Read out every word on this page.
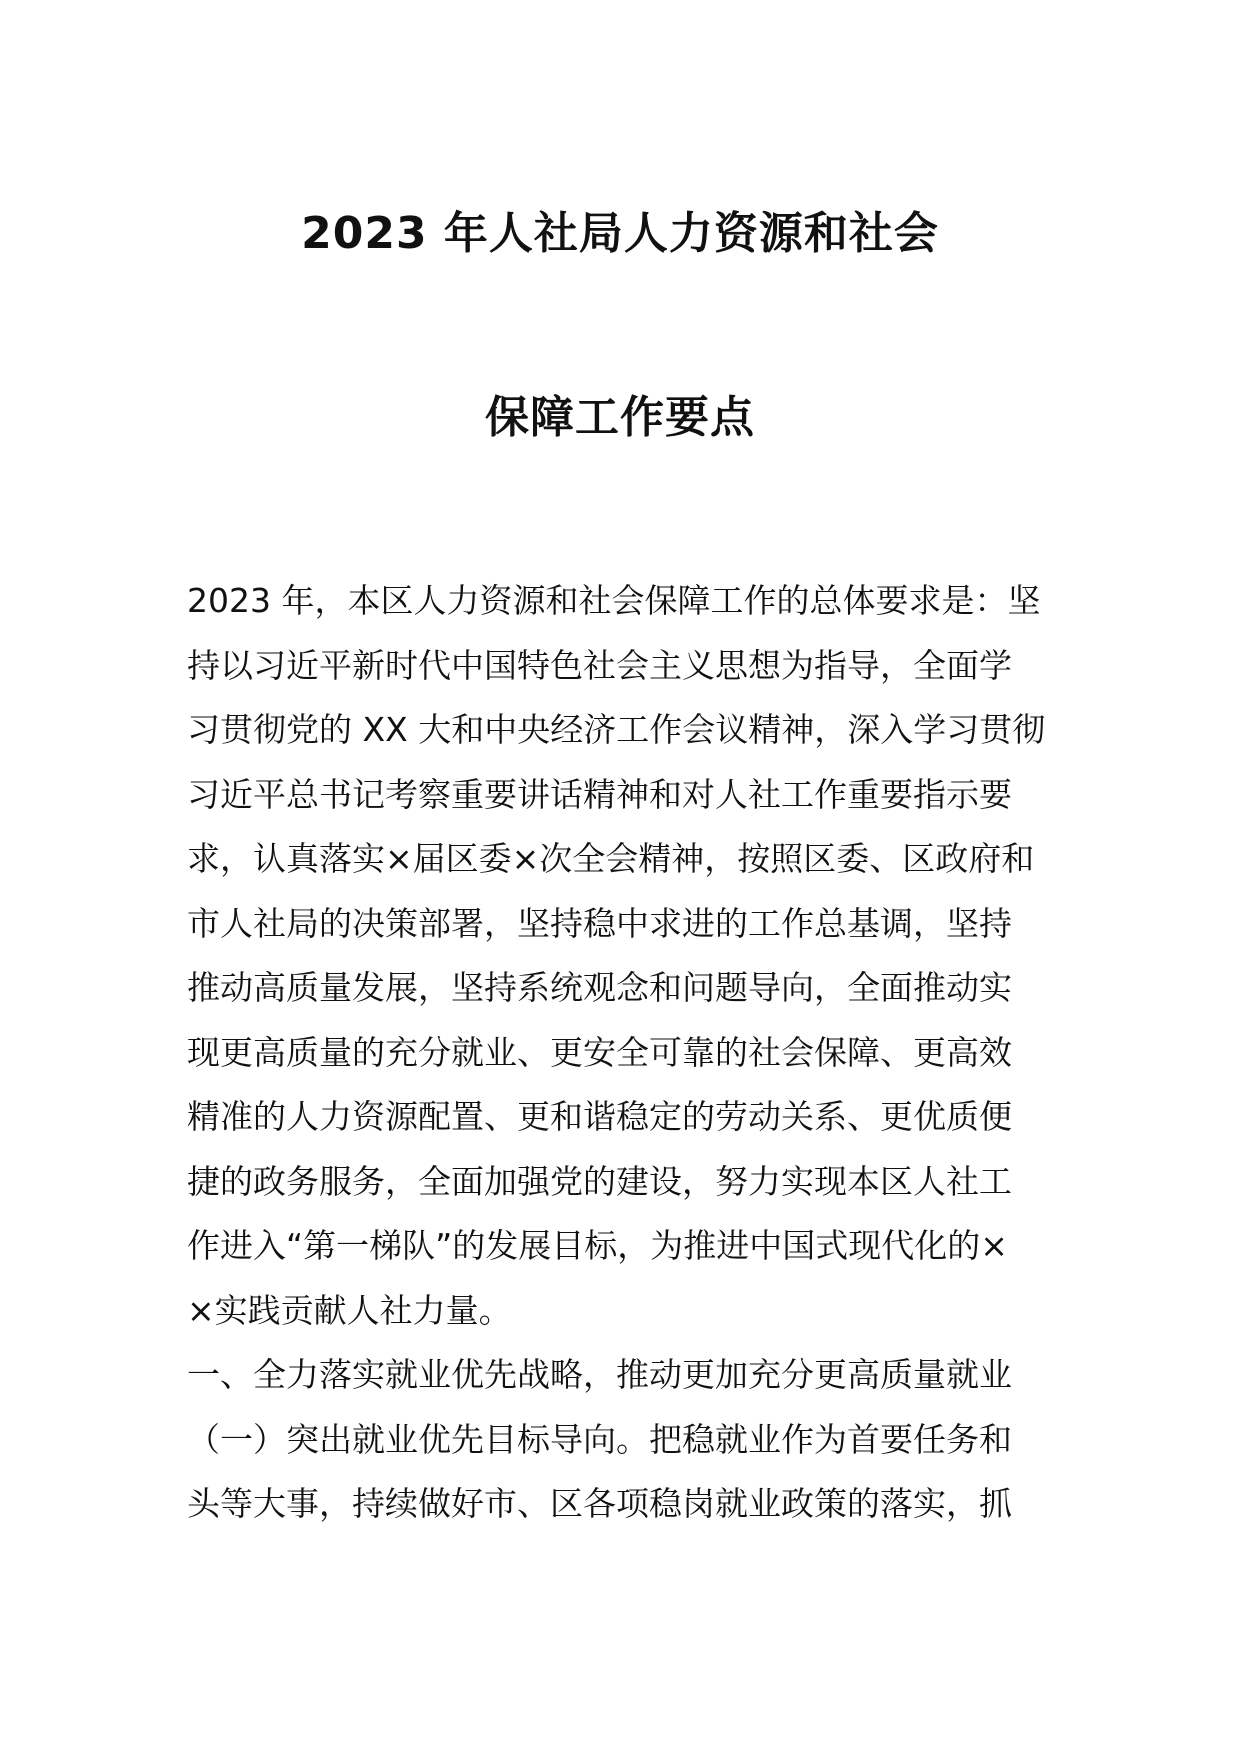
2023 年人社局人力资源和社会
保障工作要点
2023 年，本区人力资源和社会保障工作的总体要求是：坚
持以习近平新时代中国特色社会主义思想为指导，全面学
习贯彻党的 XX 大和中央经济工作会议精神，深入学习贯彻
习近平总书记考察重要讲话精神和对人社工作重要指示要
求，认真落实×届区委×次全会精神，按照区委、区政府和
市人社局的决策部署，坚持稳中求进的工作总基调，坚持
推动高质量发展，坚持系统观念和问题导向，全面推动实
现更高质量的充分就业、更安全可靠的社会保障、更高效
精准的人力资源配置、更和谐稳定的劳动关系、更优质便
捷的政务服务，全面加强党的建设，努力实现本区人社工
作进入“第一梯队”的发展目标，为推进中国式现代化的×
×实践贡献人社力量。
一、全力落实就业优先战略，推动更加充分更高质量就业
（一）突出就业优先目标导向。把稳就业作为首要任务和
头等大事，持续做好市、区各项稳岗就业政策的落实，抓
